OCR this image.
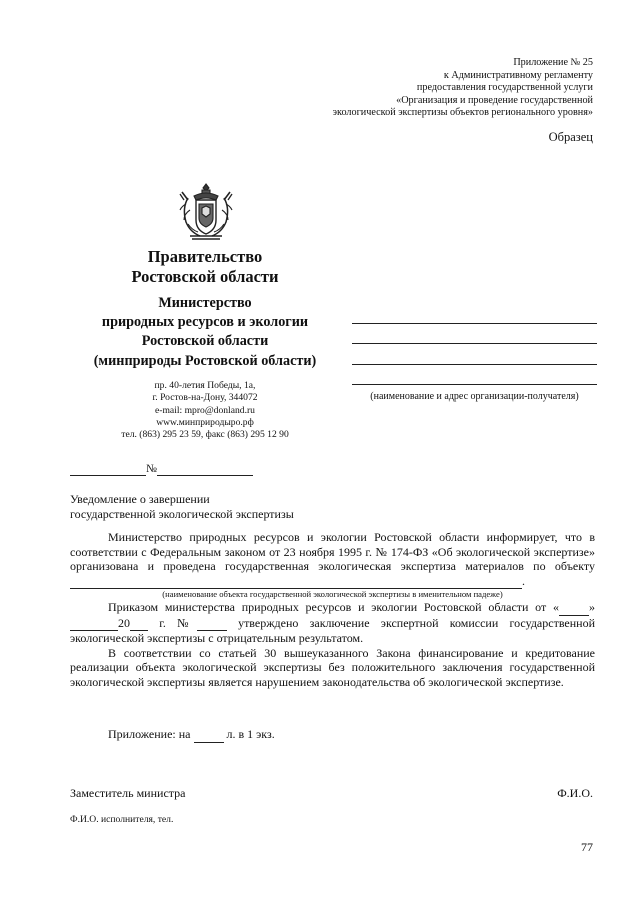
Приложение № 25
к Административному регламенту
предоставления государственной услуги
«Организация и проведение государственной
экологической экспертизы объектов регионального уровня»
Образец
Правительство
Ростовской области
Министерство
природных ресурсов и экологии
Ростовской области
(минприроды Ростовской области)
пр. 40-летия Победы, 1а,
г. Ростов-на-Дону, 344072
e-mail: mpro@donland.ru
www.минприродыро.рф
тел. (863) 295 23 59, факс (863) 295 12 90
(наименование и адрес организации-получателя)
№
Уведомление о завершении
государственной экологической экспертизы

Министерство природных ресурсов и экологии Ростовской области информирует, что в соответствии с Федеральным законом от 23 ноября 1995 г. № 174-ФЗ «Об экологической экспертизе» организована и проведена государственная экологическая экспертиза материалов по объекту  .

(наименование объекта государственной экологической экспертизы в именительном падеже)

Приказом министерства природных ресурсов и экологии Ростовской области от «	»  20 г. №	утверждено заключение экспертной комиссии государственной экологической экспертизы с отрицательным результатом.

В соответствии со статьей 30 вышеуказанного Закона финансирование и кредитование реализации объекта экологической экспертизы без положительного заключения государственной экологической экспертизы является нарушением законодательства об экологической экспертизе.

Приложение: на	л. в 1 экз.
Заместитель министра	Ф.И.О.
Ф.И.О. исполнителя, тел.
77
